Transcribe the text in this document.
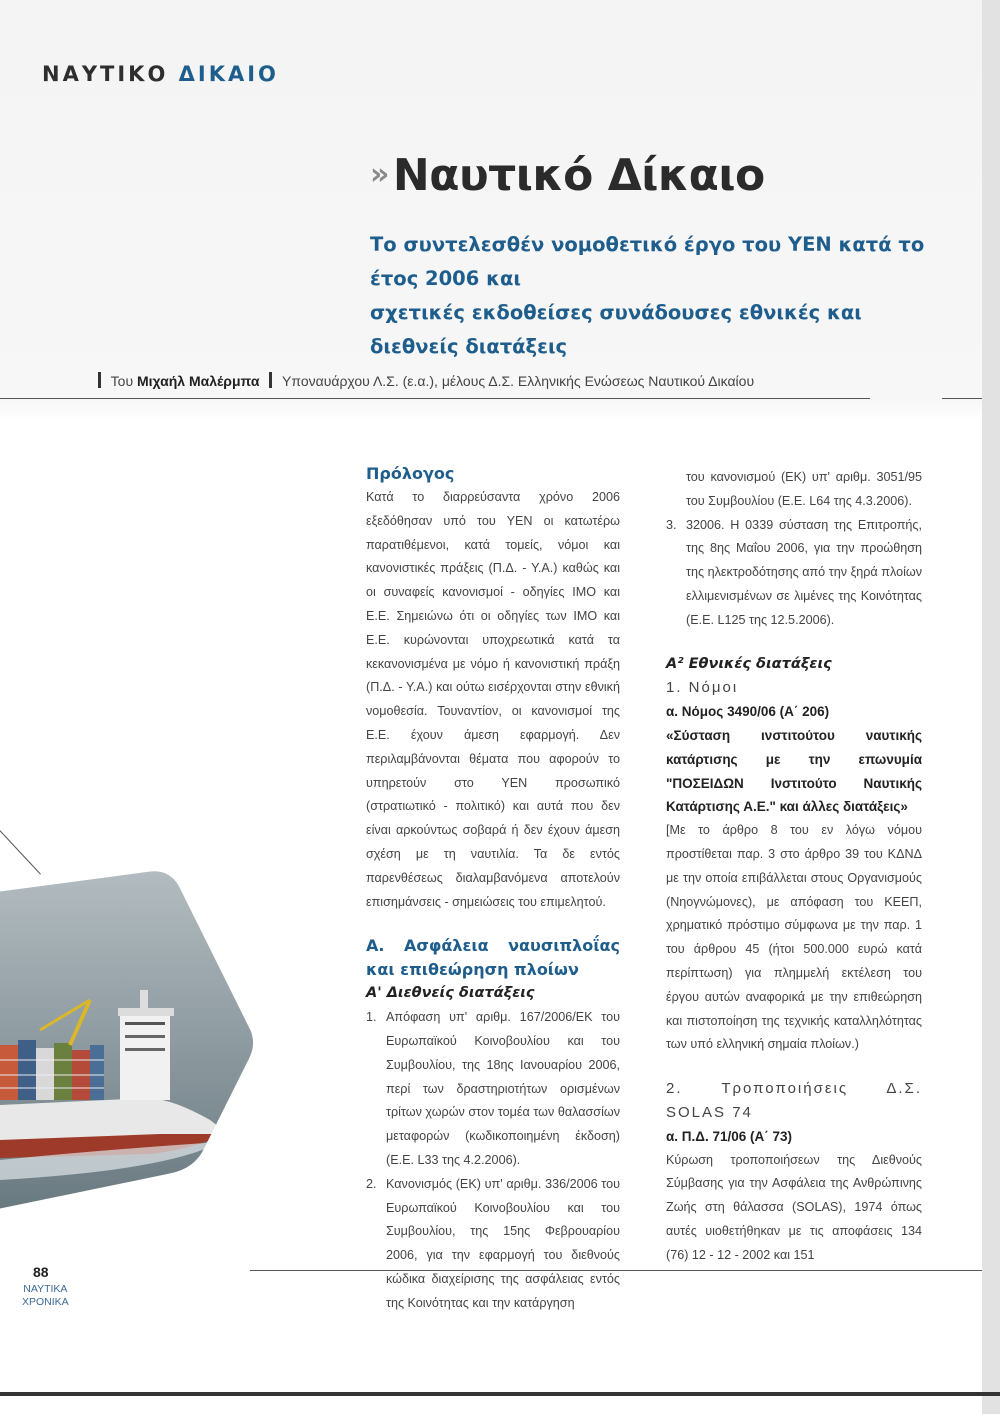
ΝΑΥΤΙΚΟ ΔΙΚΑΙΟ
»Ναυτικό Δίκαιο
Το συντελεσθέν νομοθετικό έργο του ΥΕΝ κατά το έτος 2006 και
σχετικές εκδοθείσες συνάδουσες εθνικές και διεθνείς διατάξεις
Του Μιχαήλ Μαλέρμπα Υποναυάρχου Λ.Σ. (ε.α.), μέλους Δ.Σ. Ελληνικής Ενώσεως Ναυτικού Δικαίου
Πρόλογος

Κατά το διαρρεύσαντα χρόνο 2006 εξεδόθησαν υπό του ΥΕΝ οι κατωτέρω παρατιθέμενοι, κατά τομείς, νόμοι και κανονιστικές πράξεις (Π.Δ. - Υ.Α.) καθώς και οι συναφείς κανονισμοί - οδηγίες ΙΜΟ και Ε.Ε. Σημειώνω ότι οι οδηγίες των ΙΜΟ και Ε.Ε. κυρώνονται υποχρεωτικά κατά τα κεκανονισμένα με νόμο ή κανονιστική πράξη (Π.Δ. - Υ.Α.) και ούτω εισέρχονται στην εθνική νομοθεσία. Τουναντίον, οι κανονισμοί της Ε.Ε. έχουν άμεση εφαρμογή. Δεν περιλαμβάνονται θέματα που αφορούν το υπηρετούν στο ΥΕΝ προσωπικό (στρατιωτικό - πολιτικό) και αυτά που δεν είναι αρκούντως σοβαρά ή δεν έχουν άμεση σχέση με τη ναυτιλία. Τα δε εντός παρενθέσεως διαλαμβανόμενα αποτελούν επισημάνσεις - σημειώσεις του επιμελητού.

Α. Ασφάλεια ναυσιπλοΐας και επιθεώρηση πλοίων
Α' Διεθνείς διατάξεις
1. Απόφαση υπ' αριθμ. 167/2006/ΕΚ του Ευρωπαϊκού Κοινοβουλίου και του Συμβουλίου, της 18ης Ιανουαρίου 2006, περί των δραστηριοτήτων ορισμένων τρίτων χωρών στον τομέα των θαλασσίων μεταφορών (κωδικοποιημένη έκδοση) (Ε.Ε. L33 της 4.2.2006).
2. Κανονισμός (ΕΚ) υπ' αριθμ. 336/2006 του Ευρωπαϊκού Κοινοβουλίου και του Συμβουλίου, της 15ης Φεβρουαρίου 2006, για την εφαρμογή του διεθνούς κώδικα διαχείρισης της ασφάλειας εντός της Κοινότητας και την κατάργηση
του κανονισμού (ΕΚ) υπ' αριθμ. 3051/95 του Συμβουλίου (Ε.Ε. L64 της 4.3.2006).
3. 32006. Η 0339 σύσταση της Επιτροπής, της 8ης Μαΐου 2006, για την προώθηση της ηλεκτροδότησης από την ξηρά πλοίων ελλιμενισμένων σε λιμένες της Κοινότητας (Ε.Ε. L125 της 12.5.2006).
Α² Εθνικές διατάξεις
1. Νόμοι
α. Νόμος 3490/06 (Α΄ 206)

«Σύσταση ινστιτούτου ναυτικής κατάρτισης με την επωνυμία "ΠΟΣΕΙΔΩΝ Ινστιτούτο Ναυτικής Κατάρτισης Α.Ε." και άλλες διατάξεις»

[Με το άρθρο 8 του εν λόγω νόμου προστίθεται παρ. 3 στο άρθρο 39 του ΚΔΝΔ με την οποία επιβάλλεται στους Οργανισμούς (Νηογνώμονες), με απόφαση του ΚΕΕΠ, χρηματικό πρόστιμο σύμφωνα με την παρ. 1 του άρθρου 45 (ήτοι 500.000 ευρώ κατά περίπτωση) για πλημμελή εκτέλεση του έργου αυτών αναφορικά με την επιθεώρηση και πιστοποίηση της τεχνικής καταλληλότητας των υπό ελληνική σημαία πλοίων.)

2. Τροποποιήσεις Δ.Σ. SOLAS 74
α. Π.Δ. 71/06 (Α΄ 73)

Κύρωση τροποποιήσεων της Διεθνούς Σύμβασης για την Ασφάλεια της Ανθρώπινης Ζωής στη θάλασσα (SOLAS), 1974 όπως αυτές υιοθετήθηκαν με τις αποφάσεις 134 (76) 12 - 12 - 2002 και 151

88
ΝΑΥΤΙΚΑ
ΧΡΟΝΙΚΑ
